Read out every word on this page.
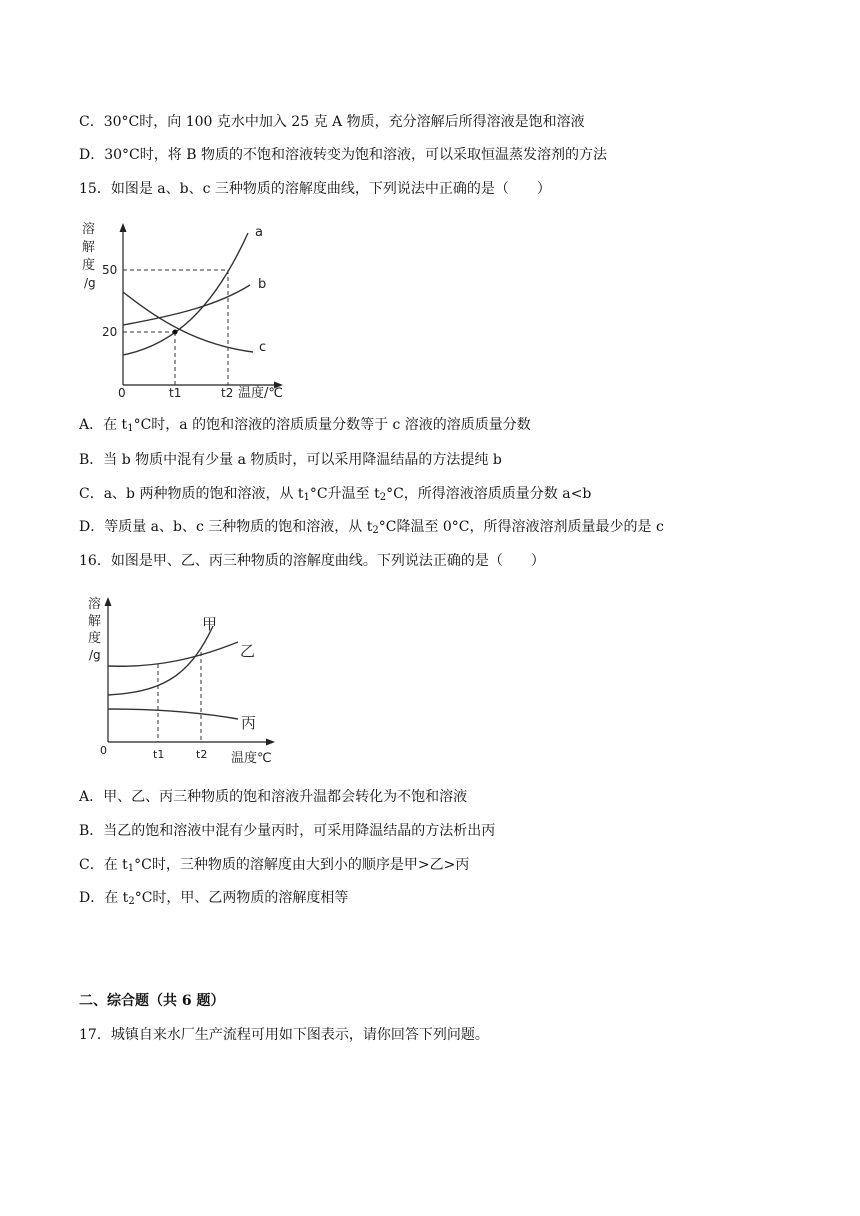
C．30°C时，向 100 克水中加入 25 克 A 物质，充分溶解后所得溶液是饱和溶液
D．30°C时，将 B 物质的不饱和溶液转变为饱和溶液，可以采取恒温蒸发溶剂的方法
15．如图是 a、b、c 三种物质的溶解度曲线，下列说法中正确的是（　　）
溶
解
度
/g
50
20
0	t1	t2 温度/℃
a
b
c
A．在 $t_1^\circ C$时，a 的饱和溶液的溶质质量分数等于 c 溶液的溶质质量分数
B．当 b 物质中混有少量 a 物质时，可以采用降温结晶的方法提纯 b
C．a、b 两种物质的饱和溶液，从 $t_1^\circ C$升温至 $t_2^\circ C$，所得溶液溶质质量分数 a<b
D．等质量 a、b、c 三种物质的饱和溶液，从 $t_2^\circ C$降温至 0°C，所得溶液溶剂质量最少的是 c
16．如图是甲、乙、丙三种物质的溶解度曲线。下列说法正确的是（　　）
溶
解
度
/g
0	t1	t2 温度℃
甲
乙
丙
A．甲、乙、丙三种物质的饱和溶液升温都会转化为不饱和溶液
B．当乙的饱和溶液中混有少量丙时，可采用降温结晶的方法析出丙
C．在 $t_1^\circ C$时，三种物质的溶解度由大到小的顺序是甲>乙>丙
D．在 $t_2^\circ C$时，甲、乙两物质的溶解度相等
二、综合题（共 6 题）
17．城镇自来水厂生产流程可用如下图表示，请你回答下列问题。
